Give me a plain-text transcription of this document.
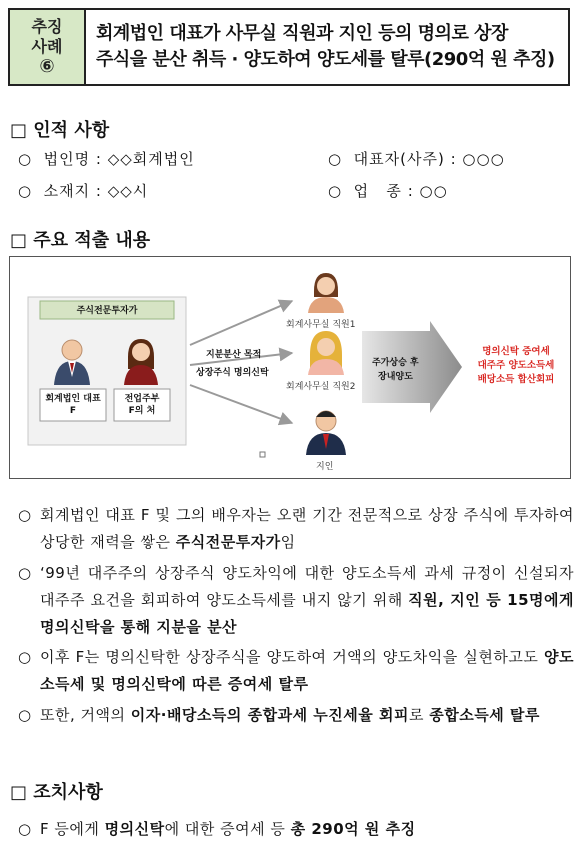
추징
사례
⑥
회계법인 대표가 사무실 직원과 지인 등의 명의로 상장
주식을 분산 취득 · 양도하여 양도세를 탈루(290억 원 추징)
□ 인적 사항
○ 법인명 : ◇◇회계법인	○ 대표자(사주) : ○○○
○ 소재지 : ◇◇시	○ 업   종 : ○○
□ 주요 적출 내용
주식전문투자가
회계법인 대표
F
전업주부
F의 처
지분분산 목적
상장주식 명의신탁
회계사무실 직원1
회계사무실 직원2
지인
주가상승 후
장내양도
명의신탁 증여세
대주주 양도소득세
배당소득 합산회피
○ 회계법인 대표 F 및 그의 배우자는 오랜 기간 전문적으로 상장 주식에 투자하여 상당한 재력을 쌓은 주식전문투자가임
○ ‘99년 대주주의 상장주식 양도차익에 대한 양도소득세 과세 규정이 신설되자 대주주 요건을 회피하여 양도소득세를 내지 않기 위해 직원, 지인 등 15명에게 명의신탁을 통해 지분을 분산
○ 이후 F는 명의신탁한 상장주식을 양도하여 거액의 양도차익을 실현하고도 양도소득세 및 명의신탁에 따른 증여세 탈루
○ 또한, 거액의 이자·배당소득의 종합과세 누진세율 회피로 종합소득세 탈루
□ 조치사항
○ F 등에게 명의신탁에 대한 증여세 등 총 290억 원 추징
